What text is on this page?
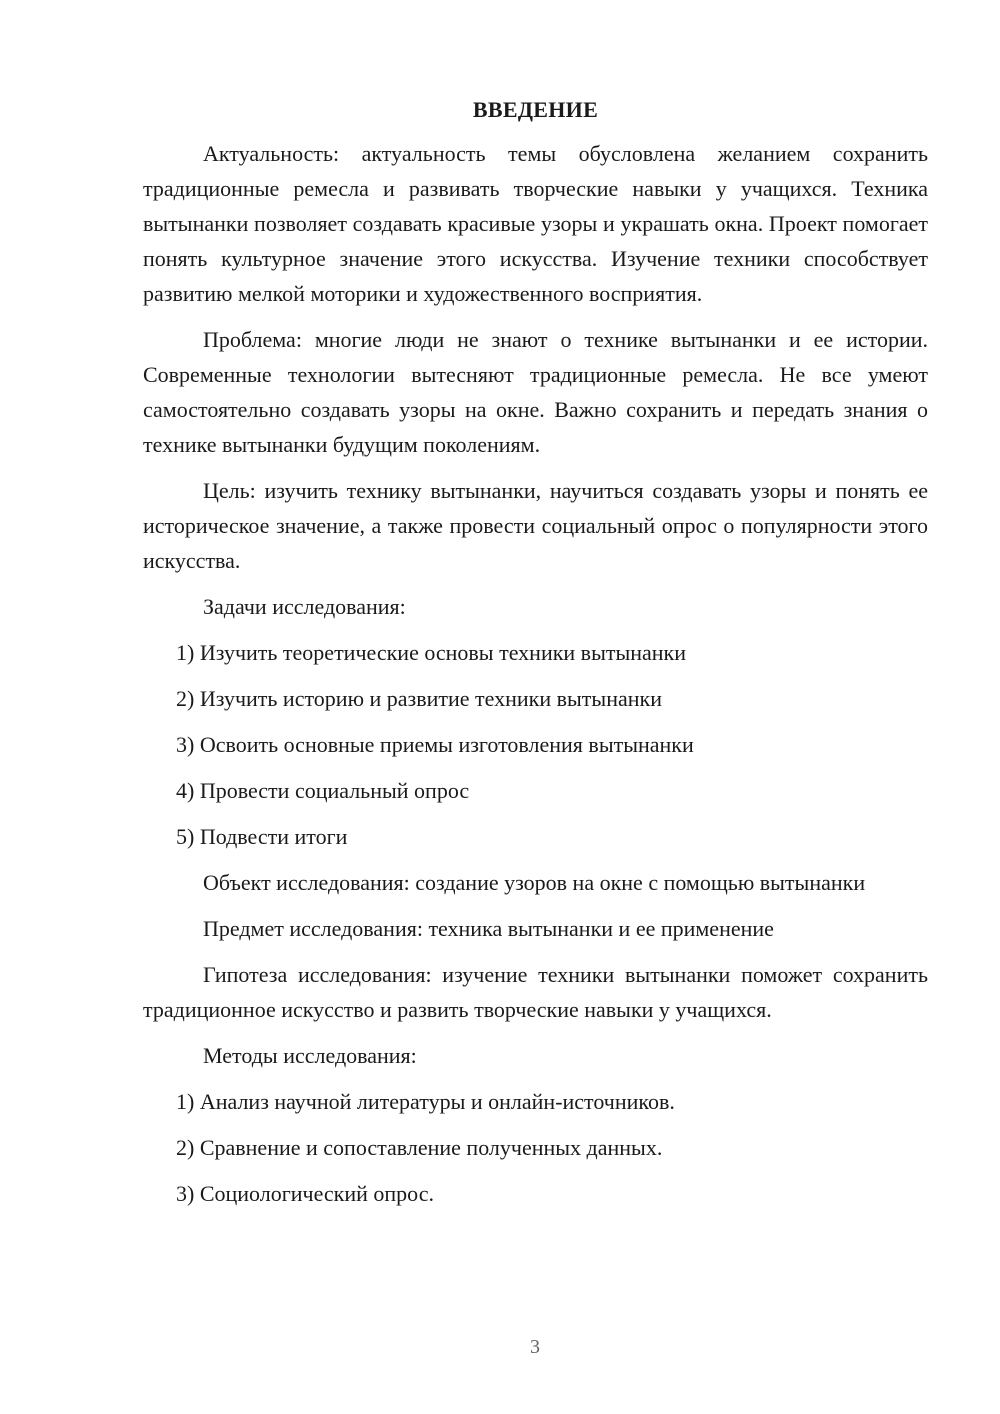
ВВЕДЕНИЕ

Актуальность: актуальность темы обусловлена желанием сохранить традиционные ремесла и развивать творческие навыки у учащихся. Техника вытынанки позволяет создавать красивые узоры и украшать окна. Проект помогает понять культурное значение этого искусства. Изучение техники способствует развитию мелкой моторики и художественного восприятия.

Проблема: многие люди не знают о технике вытынанки и ее истории. Современные технологии вытесняют традиционные ремесла. Не все умеют самостоятельно создавать узоры на окне. Важно сохранить и передать знания о технике вытынанки будущим поколениям.

Цель: изучить технику вытынанки, научиться создавать узоры и понять ее историческое значение, а также провести социальный опрос о популярности этого искусства.

Задачи исследования:

1) Изучить теоретические основы техники вытынанки
2) Изучить историю и развитие техники вытынанки
3) Освоить основные приемы изготовления вытынанки
4) Провести социальный опрос
5) Подвести итоги

Объект исследования: создание узоров на окне с помощью вытынанки

Предмет исследования: техника вытынанки и ее применение

Гипотеза исследования: изучение техники вытынанки поможет сохранить традиционное искусство и развить творческие навыки у учащихся.

Методы исследования:

1) Анализ научной литературы и онлайн-источников.
2) Сравнение и сопоставление полученных данных.
3) Социологический опрос.
3
